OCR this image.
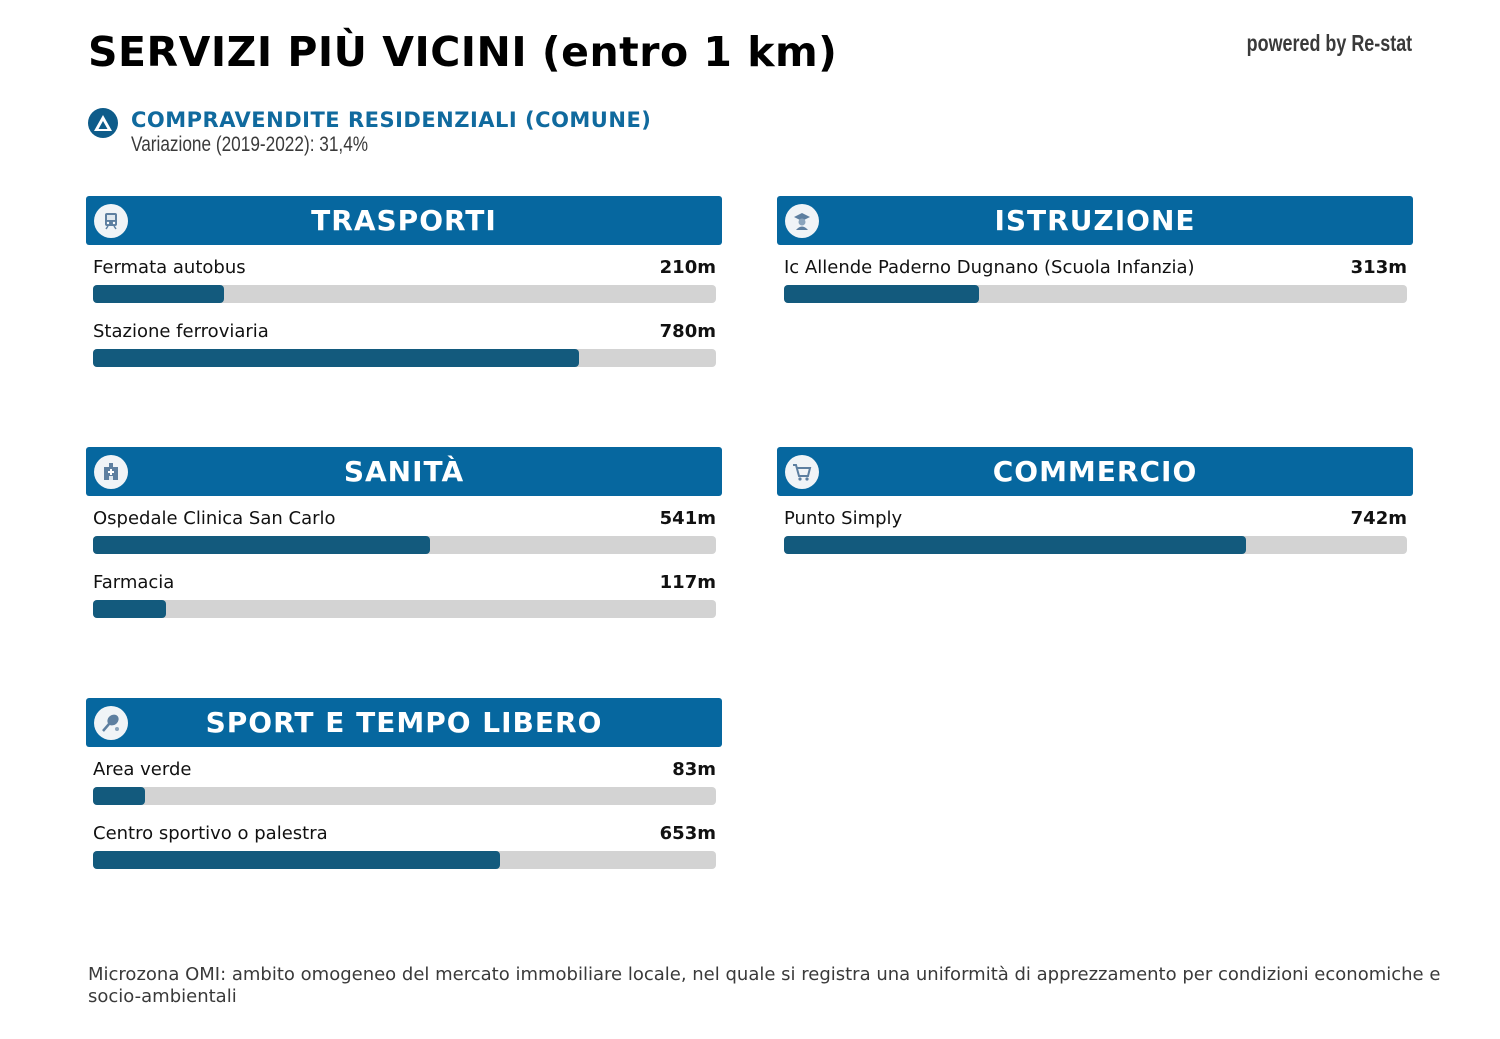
SERVIZI PIÙ VICINI (entro 1 km)	powered by Re-stat
COMPRAVENDITE RESIDENZIALI (COMUNE)
Variazione (2019-2022): 31,4%
TRASPORTI
Fermata autobus	210m
Stazione ferroviaria	780m
ISTRUZIONE
Ic Allende Paderno Dugnano (Scuola Infanzia)	313m
SANITÀ
Ospedale Clinica San Carlo	541m
Farmacia	117m
COMMERCIO
Punto Simply	742m
SPORT E TEMPO LIBERO
Area verde	83m
Centro sportivo o palestra	653m
Microzona OMI: ambito omogeneo del mercato immobiliare locale, nel quale si registra una uniformità di apprezzamento per condizioni economiche e socio-ambientali
